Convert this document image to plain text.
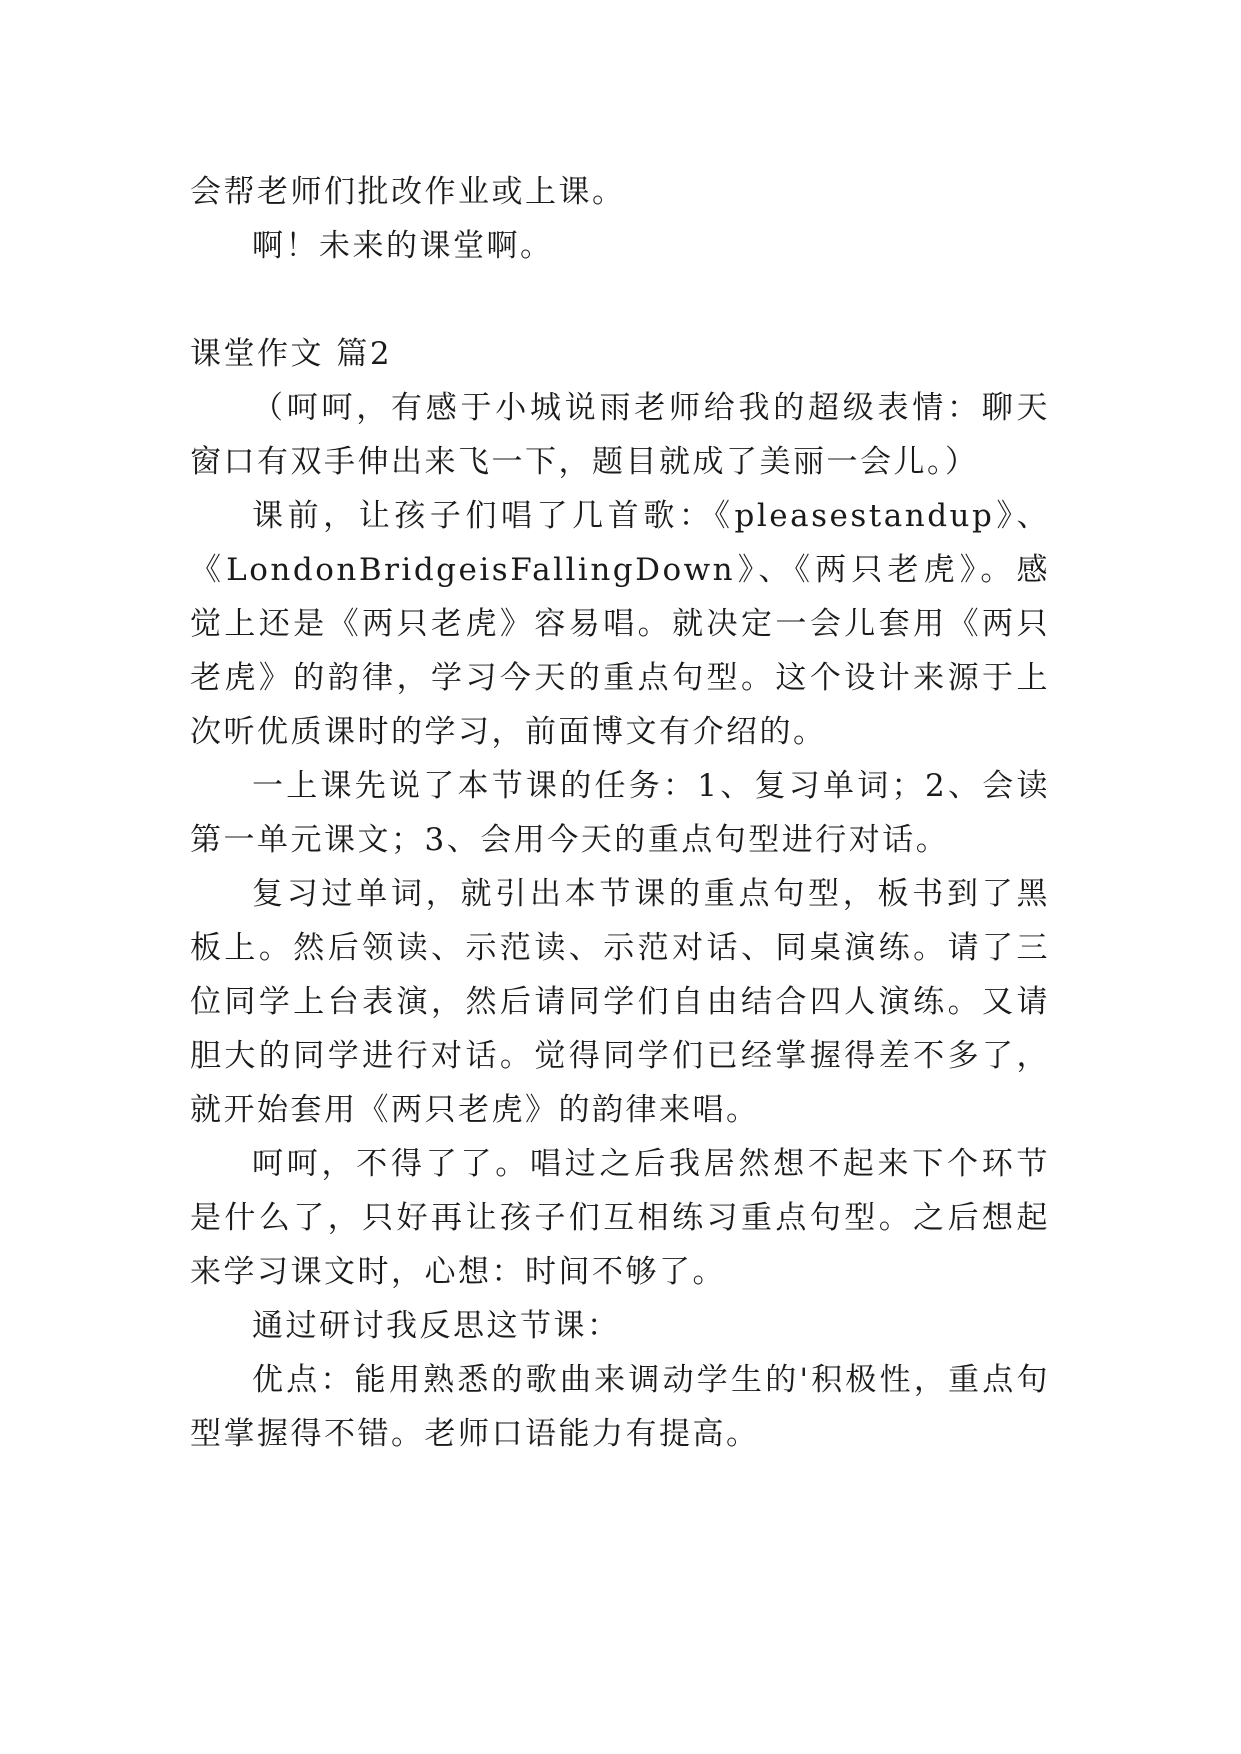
会帮老师们批改作业或上课。

啊！未来的课堂啊。

课堂作文 篇2

（呵呵，有感于小城说雨老师给我的超级表情：聊天窗口有双手伸出来飞一下，题目就成了美丽一会儿。）

课前，让孩子们唱了几首歌：《pleasestandup》、《LondonBridgeisFallingDown》、《两只老虎》。感觉上还是《两只老虎》容易唱。就决定一会儿套用《两只老虎》的韵律，学习今天的重点句型。这个设计来源于上次听优质课时的学习，前面博文有介绍的。

一上课先说了本节课的任务：1、复习单词；2、会读第一单元课文；3、会用今天的重点句型进行对话。

复习过单词，就引出本节课的重点句型，板书到了黑板上。然后领读、示范读、示范对话、同桌演练。请了三位同学上台表演，然后请同学们自由结合四人演练。又请胆大的同学进行对话。觉得同学们已经掌握得差不多了，就开始套用《两只老虎》的韵律来唱。

呵呵，不得了了。唱过之后我居然想不起来下个环节是什么了，只好再让孩子们互相练习重点句型。之后想起来学习课文时，心想：时间不够了。

通过研讨我反思这节课：

优点：能用熟悉的歌曲来调动学生的'积极性，重点句型掌握得不错。老师口语能力有提高。
